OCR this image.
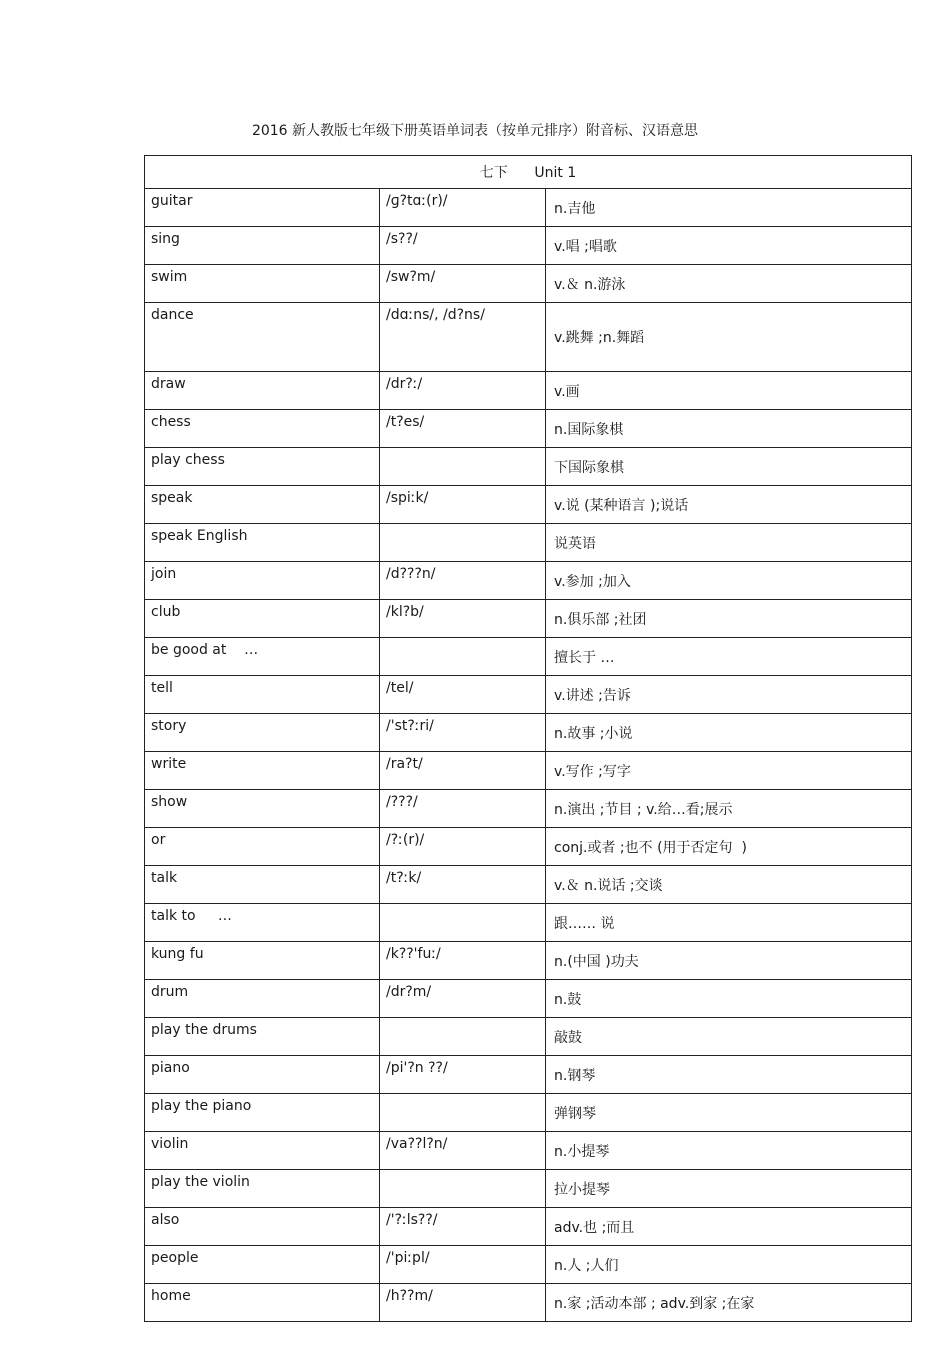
2016 新人教版七年级下册英语单词表（按单元排序）附音标、汉语意思
七下      Unit 1		
guitar	/ɡ?tɑː(r)/	n.吉他
sing	/s??/	v.唱 ;唱歌
swim	/sw?m/	v.＆ n.游泳
dance	/dɑːns/, /d?ns/	v.跳舞 ;n.舞蹈
draw	/dr?ː/	v.画
chess	/t?es/	n.国际象棋
play chess		下国际象棋
speak	/spiːk/	v.说 (某种语言 );说话
speak English		说英语
join	/d???n/	v.参加 ;加入
club	/kl?b/	n.俱乐部 ;社团
be good at    …		擅长于 …
tell	/tel/	v.讲述 ;告诉
story	/'st?ːri/	n.故事 ;小说
write	/ra?t/	v.写作 ;写字
show	/???/	n.演出 ;节目 ; v.给…看;展示
or	/?ː(r)/	conj.或者 ;也不 (用于否定句  )
talk	/t?ːk/	v.＆ n.说话 ;交谈
talk to     …		跟…… 说
kung fu	/k??'fuː/	n.(中国 )功夫
drum	/dr?m/	n.鼓
play the drums		敲鼓
piano	/pi'?n ??/	n.钢琴
play the piano		弹钢琴
violin	/va??l?n/	n.小提琴
play the violin		拉小提琴
also	/'?ːls??/	adv.也 ;而且
people	/'piːpl/	n.人 ;人们
home	/h??m/	n.家 ;活动本部 ; adv.到家 ;在家
